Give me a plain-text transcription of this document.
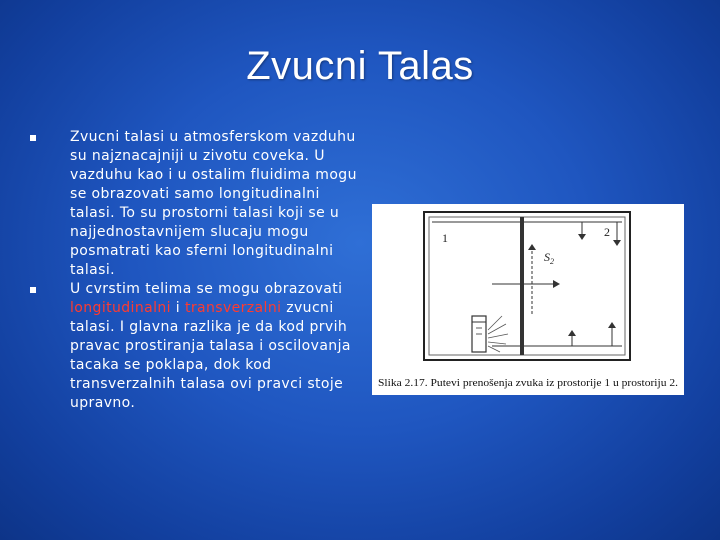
Zvucni Talas
Zvucni talasi u atmosferskom vazduhu su najznacajniji u zivotu coveka. U vazduhu kao i u ostalim fluidima mogu se obrazovati samo longitudinalni talasi. To su prostorni talasi koji se u najjednostavnijem slucaju mogu posmatrati kao sferni longitudinalni talasi.
U cvrstim telima se mogu obrazovati longitudinalni i transverzalni zvucni talasi. I glavna razlika je da kod prvih pravac prostiranja talasa i oscilovanja tacaka se poklapa, dok kod transverzalnih talasa ovi pravci stoje upravno.
1	2
$S_2$
Slika 2.17. Putevi prenošenja zvuka iz prostorije 1 u prostoriju 2.
